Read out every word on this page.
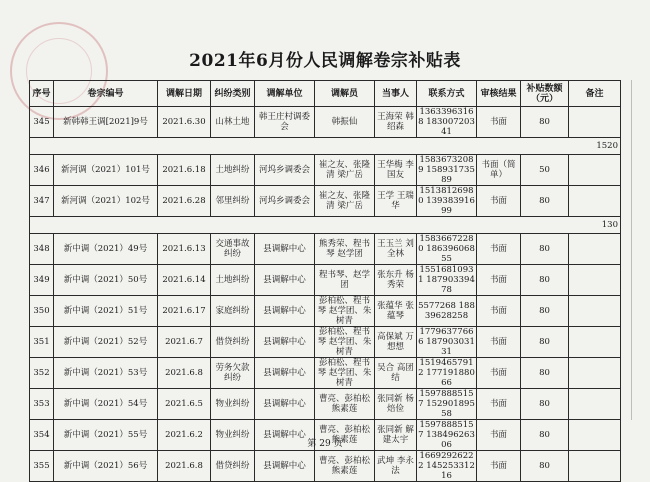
2021年6月份人民调解卷宗补贴表
序号	卷宗编号	调解日期	纠纷类别	调解单位	调解员	当事人	联系方式	审核结果	补贴数额（元）	备注
345	新韩韩王调[2021]9号	2021.6.30	山林土地	韩王庄村调委会	韩振仙	王海荣 韩绍森	13633963168 18300720341	书面	80	
1520										
346	新河调（2021）101号	2021.6.18	土地纠纷	河坞乡调委会	崔之友、张隆清 梁广岳	王华梅 李国友	15836732089 15893173589	书面（简单）	50	
347	新河调（2021）102号	2021.6.28	邻里纠纷	河坞乡调委会	崔之友、张隆清 梁广岳	王学 王瑞华	15138126980 13938391699	书面	80	
130										
348	新中调（2021）49号	2021.6.13	交通事故纠纷	县调解中心	熊秀荣、程书琴 赵学团	王玉兰 刘全林	15836672280 18639606855	书面	80	
349	新中调（2021）50号	2021.6.14	土地纠纷	县调解中心	程书琴、赵学团	张东升 杨秀荣	15516810931 18790339478	书面	80	
350	新中调（2021）51号	2021.6.17	家庭纠纷	县调解中心	彭柏松、程书琴 赵学团、朱树青	张蕴华 张蕴琴	5577268 18839628258	书面	80	
351	新中调（2021）52号	2021.6.7	借贷纠纷	县调解中心	彭柏松、程书琴 赵学团、朱树青	高保斌 万想想	17796377666 18790303131	书面	80	
352	新中调（2021）53号	2021.6.8	劳务欠款纠纷	县调解中心	彭柏松、程书琴 赵学团、朱树青	吴合 高团结	15194657912 17719188066	书面	80	
353	新中调（2021）54号	2021.6.5	物业纠纷	县调解中心	曹亮、彭柏松 熊素莲	张同新 杨焙俭	15978885157 15290189558	书面	80	
354	新中调（2021）55号	2021.6.2	物业纠纷	县调解中心	曹亮、彭柏松 熊素莲	张同新 解建太宇	15978885157 13849626306	书面	80	
355	新中调（2021）56号	2021.6.8	借贷纠纷	县调解中心	曹亮、彭柏松 熊素莲	武坤 李永法	16692926222 14525331216	书面	80	
第 29 页
